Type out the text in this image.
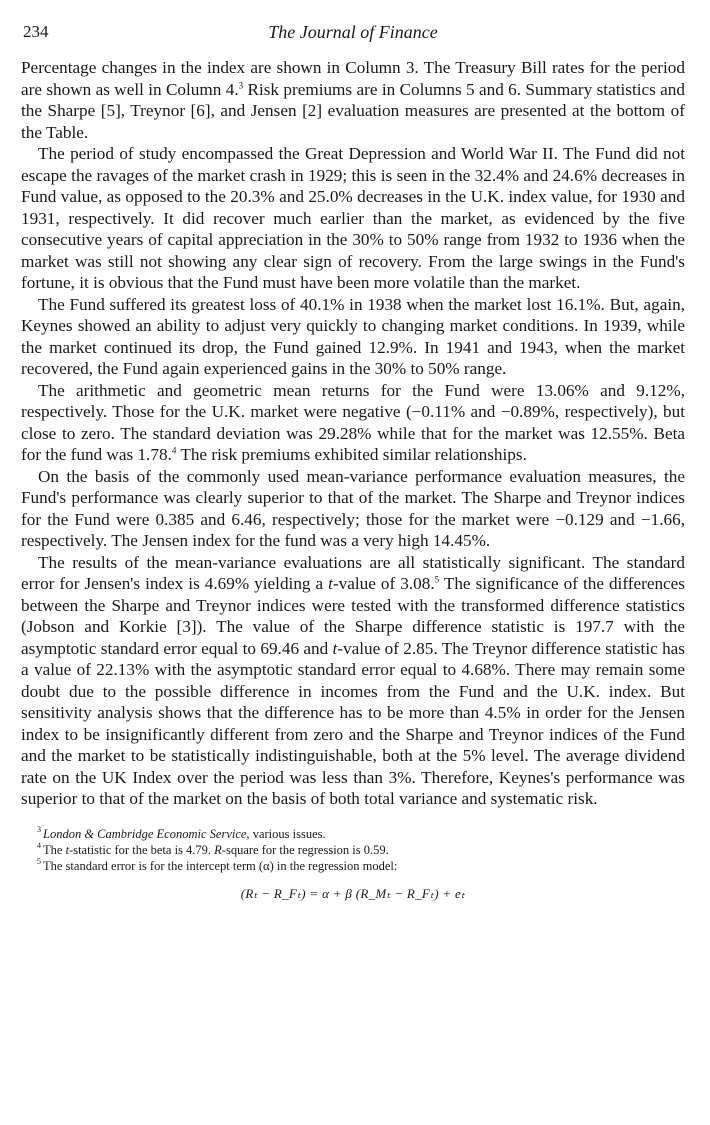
234	The Journal of Finance

Percentage changes in the index are shown in Column 3. The Treasury Bill rates for the period are shown as well in Column 4.$^3$ Risk premiums are in Columns 5 and 6. Summary statistics and the Sharpe [5], Treynor [6], and Jensen [2] evaluation measures are presented at the bottom of the Table.

The period of study encompassed the Great Depression and World War II. The Fund did not escape the ravages of the market crash in 1929; this is seen in the 32.4% and 24.6% decreases in Fund value, as opposed to the 20.3% and 25.0% decreases in the U.K. index value, for 1930 and 1931, respectively. It did recover much earlier than the market, as evidenced by the five consecutive years of capital appreciation in the 30% to 50% range from 1932 to 1936 when the market was still not showing any clear sign of recovery. From the large swings in the Fund's fortune, it is obvious that the Fund must have been more volatile than the market.

The Fund suffered its greatest loss of 40.1% in 1938 when the market lost 16.1%. But, again, Keynes showed an ability to adjust very quickly to changing market conditions. In 1939, while the market continued its drop, the Fund gained 12.9%. In 1941 and 1943, when the market recovered, the Fund again experienced gains in the 30% to 50% range.

The arithmetic and geometric mean returns for the Fund were 13.06% and 9.12%, respectively. Those for the U.K. market were negative (−0.11% and −0.89%, respectively), but close to zero. The standard deviation was 29.28% while that for the market was 12.55%. Beta for the fund was 1.78.$^4$ The risk premiums exhibited similar relationships.

On the basis of the commonly used mean-variance performance evaluation measures, the Fund's performance was clearly superior to that of the market. The Sharpe and Treynor indices for the Fund were 0.385 and 6.46, respectively; those for the market were −0.129 and −1.66, respectively. The Jensen index for the fund was a very high 14.45%.

The results of the mean-variance evaluations are all statistically significant. The standard error for Jensen's index is 4.69% yielding a t-value of 3.08.$^5$ The significance of the differences between the Sharpe and Treynor indices were tested with the transformed difference statistics (Jobson and Korkie [3]). The value of the Sharpe difference statistic is 197.7 with the asymptotic standard error equal to 69.46 and t-value of 2.85. The Treynor difference statistic has a value of 22.13% with the asymptotic standard error equal to 4.68%. There may remain some doubt due to the possible difference in incomes from the Fund and the U.K. index. But sensitivity analysis shows that the difference has to be more than 4.5% in order for the Jensen index to be insignificantly different from zero and the Sharpe and Treynor indices of the Fund and the market to be statistically indistinguishable, both at the 5% level. The average dividend rate on the UK Index over the period was less than 3%. Therefore, Keynes's performance was superior to that of the market on the basis of both total variance and systematic risk.

$^3$ London & Cambridge Economic Service, various issues.

$^4$ The t-statistic for the beta is 4.79. R-square for the regression is 0.59.

$^5$ The standard error is for the intercept term (α) in the regression model:

(Rₜ − R_Fₜ) = α + β (R_Mₜ − R_Fₜ) + eₜ
